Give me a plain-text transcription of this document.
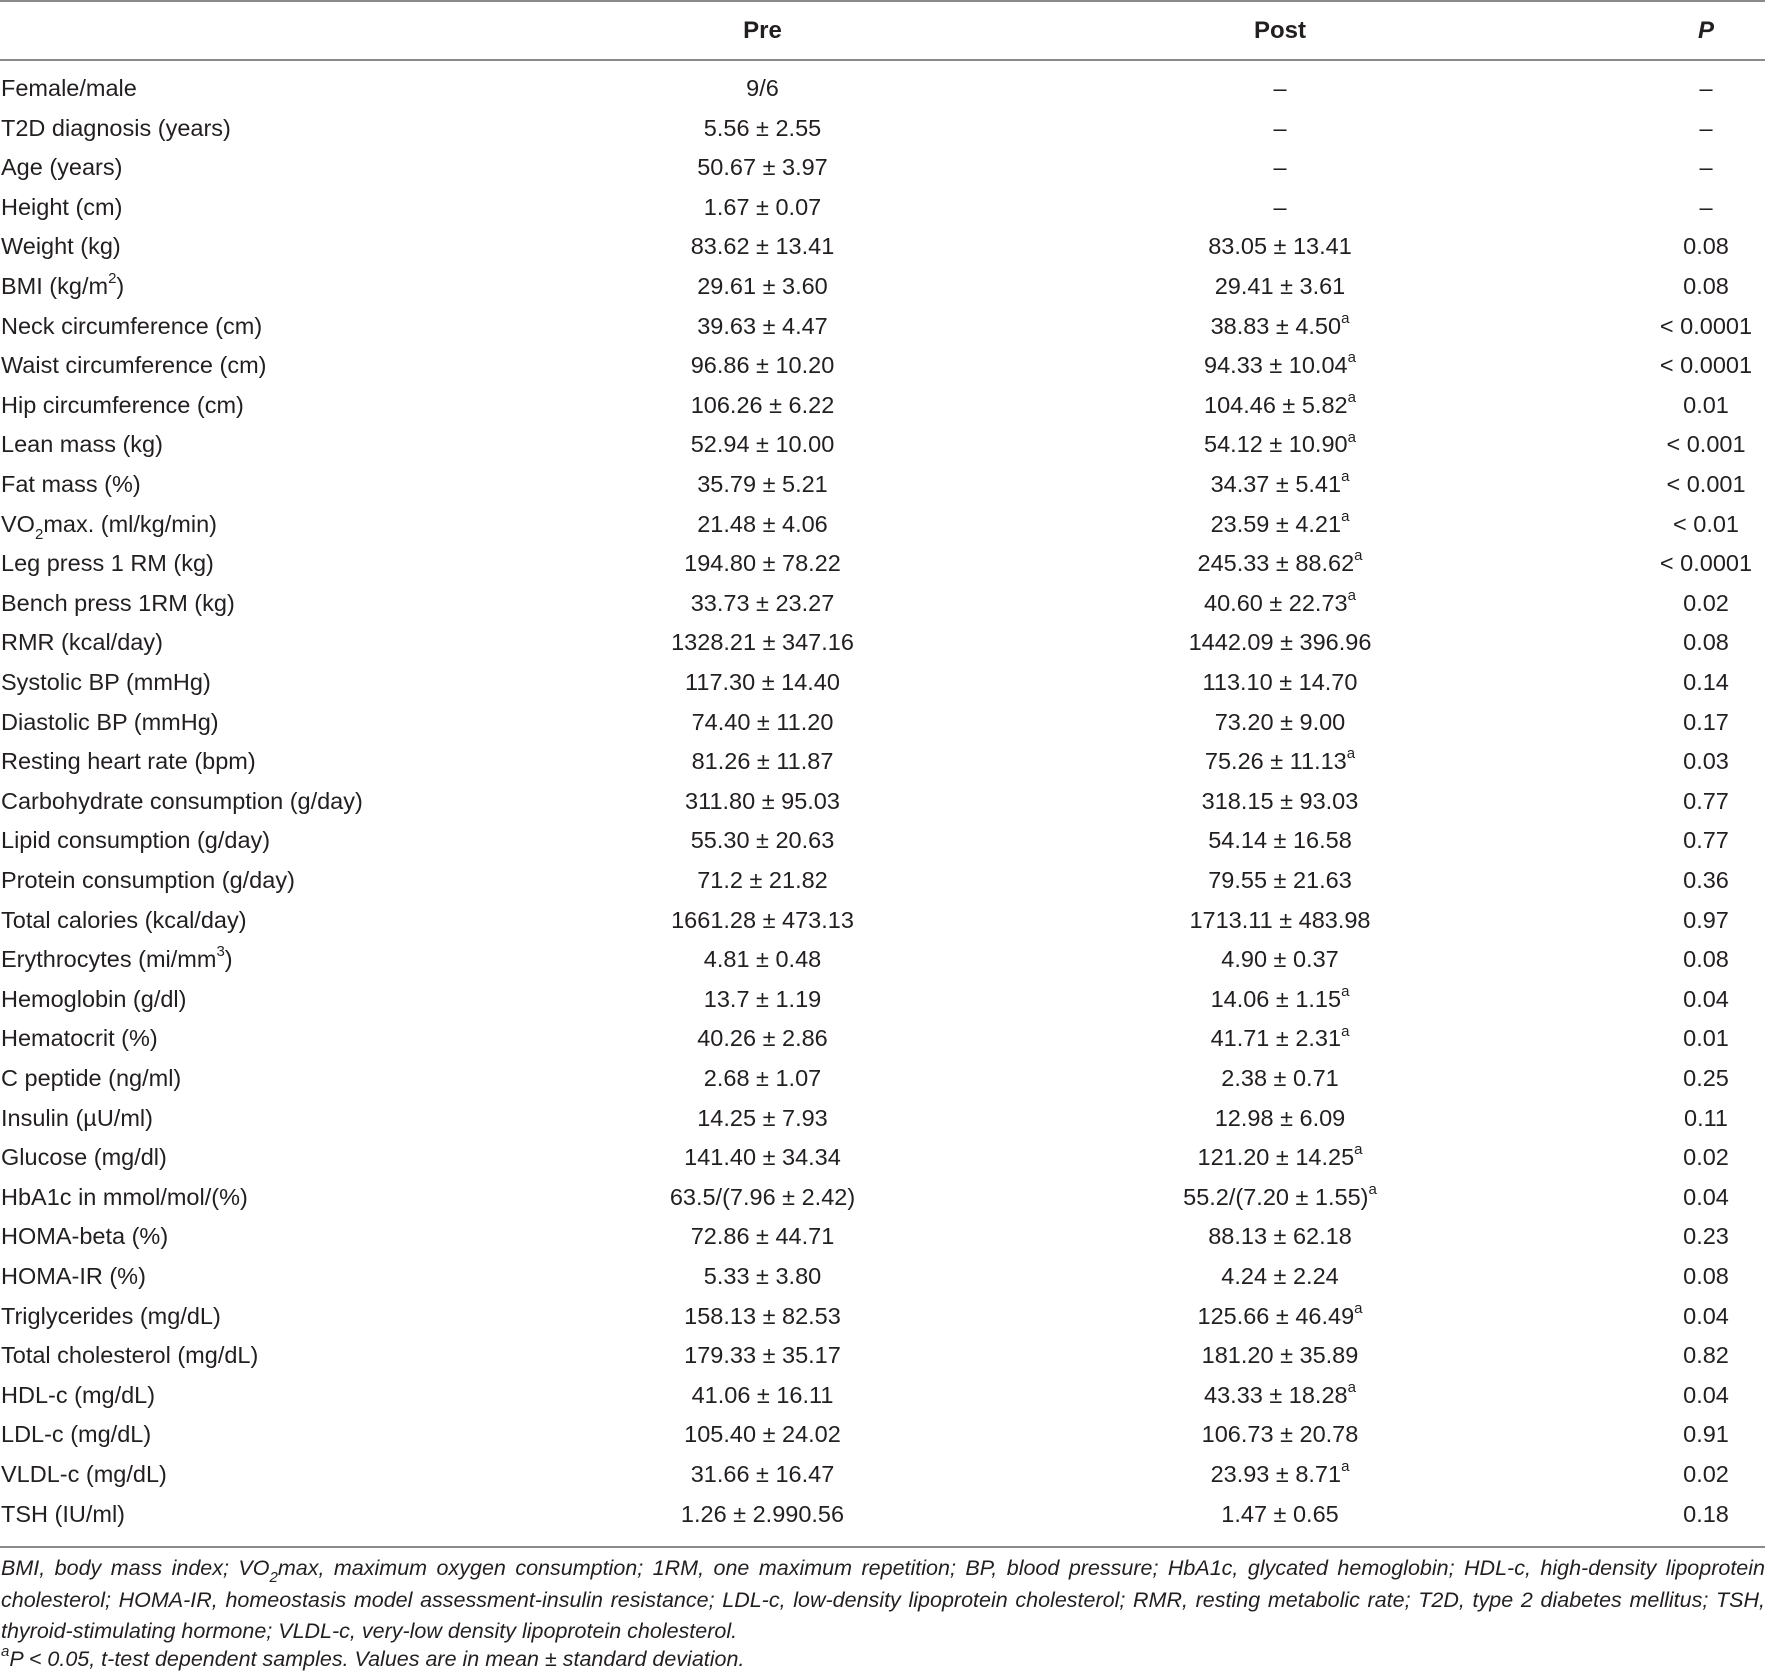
Pre	Post	P
Female/male	9/6	–	–
T2D diagnosis (years)	5.56 ± 2.55	–	–
Age (years)	50.67 ± 3.97	–	–
Height (cm)	1.67 ± 0.07	–	–
Weight (kg)	83.62 ± 13.41	83.05 ± 13.41	0.08
BMI $(kg/m^2)$	29.61 ± 3.60	29.41 ± 3.61	0.08
Neck circumference (cm)	39.63 ± 4.47	38.83 ± 4.50$^a$	< 0.0001
Waist circumference (cm)	96.86 ± 10.20	94.33 ± 10.04$^a$	< 0.0001
Hip circumference (cm)	106.26 ± 6.22	104.46 ± 5.82$^a$	0.01
Lean mass (kg)	52.94 ± 10.00	54.12 ± 10.90$^a$	< 0.001
Fat mass (%)	35.79 ± 5.21	34.37 ± 5.41$^a$	< 0.001
$VO_2\max$. (ml/kg/min)	21.48 ± 4.06	23.59 ± 4.21$^a$	< 0.01
Leg press 1 RM (kg)	194.80 ± 78.22	245.33 ± 88.62$^a$	< 0.0001
Bench press 1RM (kg)	33.73 ± 23.27	40.60 ± 22.73$^a$	0.02
RMR (kcal/day)	1328.21 ± 347.16	1442.09 ± 396.96	0.08
Systolic BP (mmHg)	117.30 ± 14.40	113.10 ± 14.70	0.14
Diastolic BP (mmHg)	74.40 ± 11.20	73.20 ± 9.00	0.17
Resting heart rate (bpm)	81.26 ± 11.87	75.26 ± 11.13$^a$	0.03
Carbohydrate consumption (g/day)	311.80 ± 95.03	318.15 ± 93.03	0.77
Lipid consumption (g/day)	55.30 ± 20.63	54.14 ± 16.58	0.77
Protein consumption (g/day)	71.2 ± 21.82	79.55 ± 21.63	0.36
Total calories (kcal/day)	1661.28 ± 473.13	1713.11 ± 483.98	0.97
Erythrocytes $(mi/mm^3)$	4.81 ± 0.48	4.90 ± 0.37	0.08
Hemoglobin (g/dl)	13.7 ± 1.19	14.06 ± 1.15$^a$	0.04
Hematocrit (%)	40.26 ± 2.86	41.71 ± 2.31$^a$	0.01
C peptide (ng/ml)	2.68 ± 1.07	2.38 ± 0.71	0.25
Insulin (µU/ml)	14.25 ± 7.93	12.98 ± 6.09	0.11
Glucose (mg/dl)	141.40 ± 34.34	121.20 ± 14.25$^a$	0.02
HbA1c in mmol/mol/(%)	63.5/(7.96 ± 2.42)	$55.2/(7.20 \pm 1.55)^a$	0.04
HOMA-beta (%)	72.86 ± 44.71	88.13 ± 62.18	0.23
HOMA-IR (%)	5.33 ± 3.80	4.24 ± 2.24	0.08
Triglycerides (mg/dL)	158.13 ± 82.53	125.66 ± 46.49$^a$	0.04
Total cholesterol (mg/dL)	179.33 ± 35.17	181.20 ± 35.89	0.82
HDL-c (mg/dL)	41.06 ± 16.11	43.33 ± 18.28$^a$	0.04
LDL-c (mg/dL)	105.40 ± 24.02	106.73 ± 20.78	0.91
VLDL-c (mg/dL)	31.66 ± 16.47	23.93 ± 8.71$^a$	0.02
TSH (IU/ml)	1.26 ± 2.990.56	1.47 ± 0.65	0.18

BMI, body mass index; $VO_2\max$, maximum oxygen consumption; 1RM, one maximum repetition; BP, blood pressure; HbA1c, glycated hemoglobin; HDL-c, high-density lipoprotein cholesterol; HOMA-IR, homeostasis model assessment-insulin resistance; LDL-c, low-density lipoprotein cholesterol; RMR, resting metabolic rate; T2D, type 2 diabetes mellitus; TSH, thyroid-stimulating hormone; VLDL-c, very-low density lipoprotein cholesterol.

$^a$P < 0.05, t-test dependent samples. Values are in mean ± standard deviation.
